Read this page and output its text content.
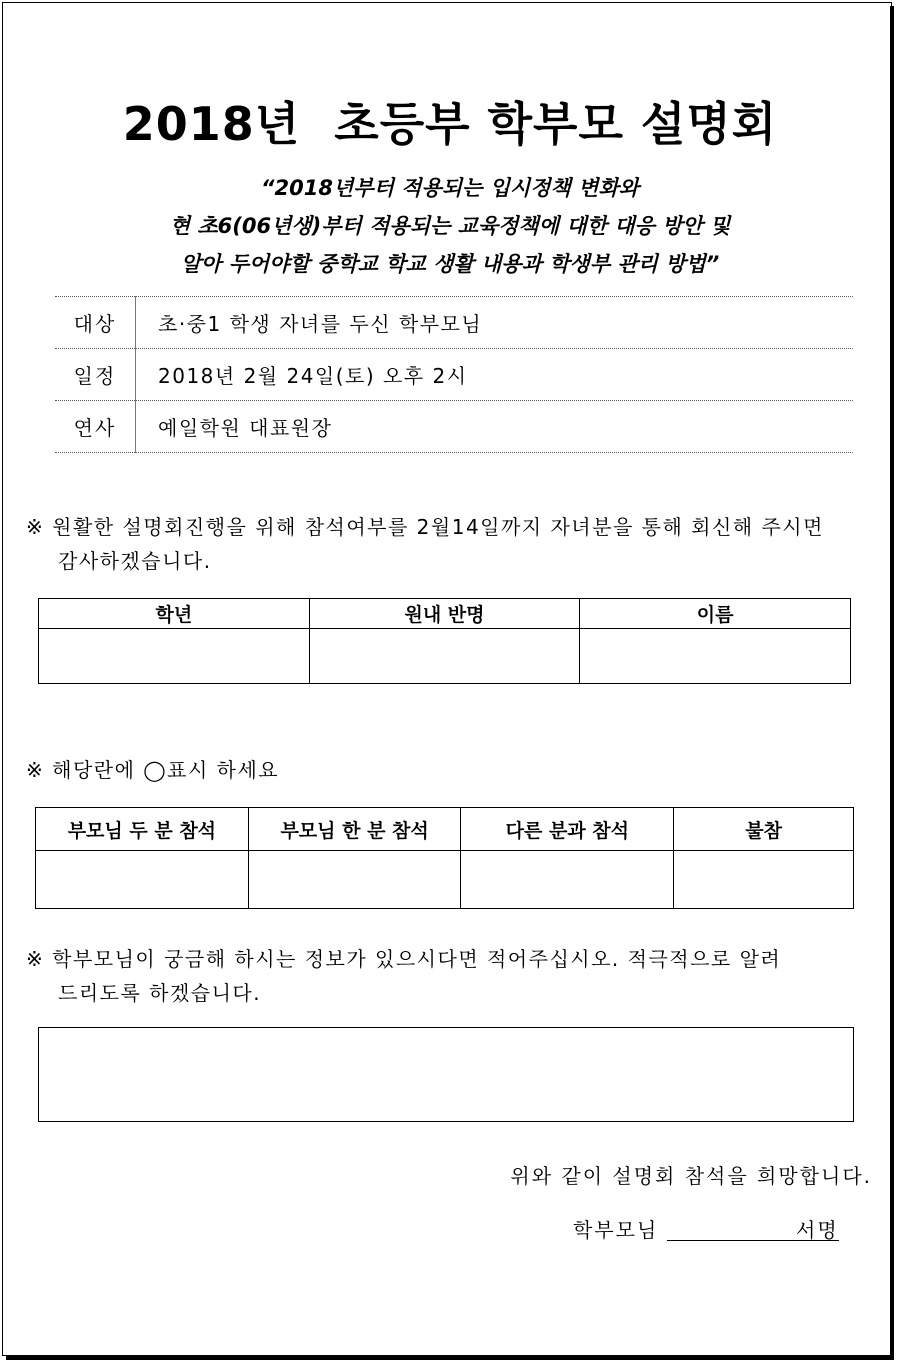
2018년  초등부 학부모 설명회
“2018년부터 적용되는 입시정책 변화와
현 초6(06년생)부터 적용되는 교육정책에 대한 대응 방안 및
알아 두어야할 중학교 학교 생활 내용과 학생부 관리 방법”
대상	초·중1 학생 자녀를 두신 학부모님
일정	2018년 2월 24일(토) 오후 2시
연사	예일학원 대표원장
※ 원활한 설명회진행을 위해 참석여부를 2월14일까지 자녀분을 통해 회신해 주시면
감사하겠습니다.
학년	원내 반명	이름

※ 해당란에 ◯표시 하세요
부모님 두 분 참석	부모님 한 분 참석	다른 분과 참석	불참

※ 학부모님이 궁금해 하시는 정보가 있으시다면 적어주십시오. 적극적으로 알려
드리도록 하겠습니다.
위와 같이 설명회 참석을 희망합니다.
학부모님	서명
